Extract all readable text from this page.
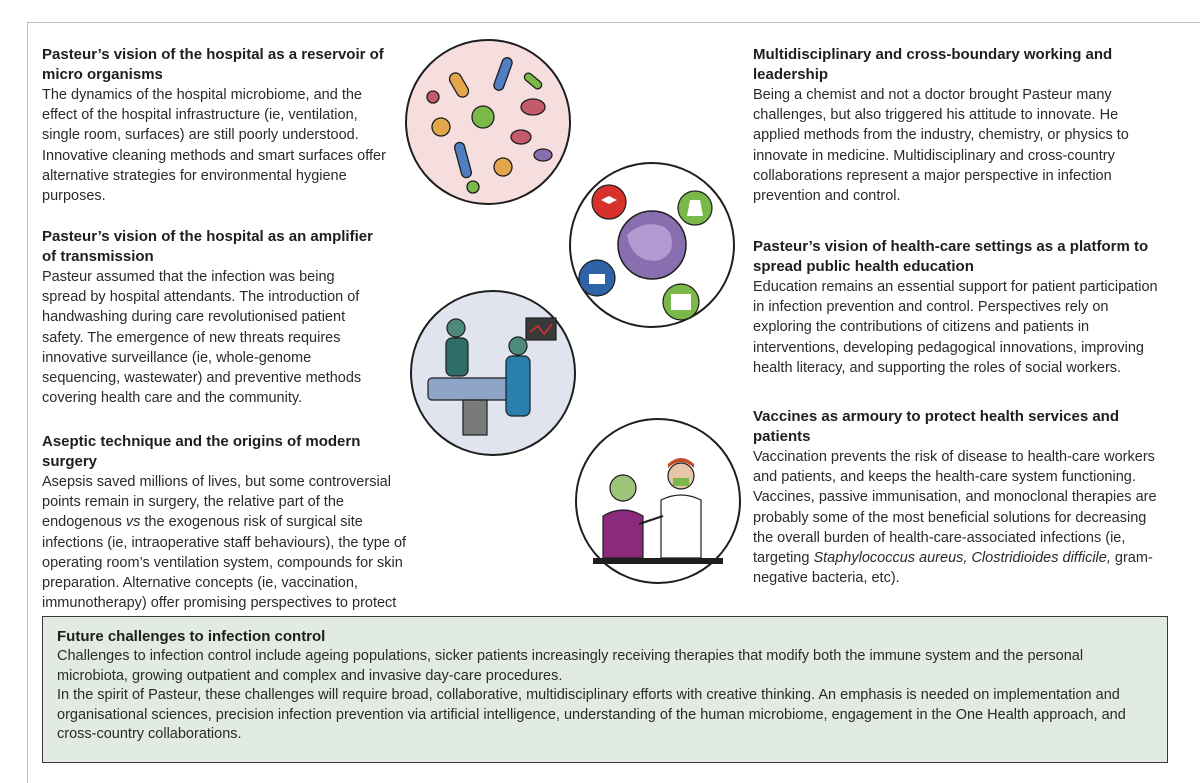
Pasteur’s vision of the hospital as a reservoir of
micro organisms

The dynamics of the hospital microbiome, and the effect of the hospital infrastructure (ie, ventilation, single room, surfaces) are still poorly understood. Innovative cleaning methods and smart surfaces offer alternative strategies for environmental hygiene purposes.

Pasteur’s vision of the hospital as an amplifier
of transmission

Pasteur assumed that the infection was being spread by hospital attendants. The introduction of handwashing during care revolutionised patient safety. The emergence of new threats requires innovative surveillance (ie, whole-genome sequencing, wastewater) and preventive methods covering health care and the community.

Aseptic technique and the origins of modern surgery

Asepsis saved millions of lives, but some controversial points remain in surgery, the relative part of the endogenous vs the exogenous risk of surgical site infections (ie, intraoperative staff behaviours), the type of operating room’s ventilation system, compounds for skin preparation. Alternative concepts (ie, vaccination, immunotherapy) offer promising perspectives to protect

Multidisciplinary and cross-boundary working and
leadership

Being a chemist and not a doctor brought Pasteur many challenges, but also triggered his attitude to innovate. He applied methods from the industry, chemistry, or physics to innovate in medicine. Multidisciplinary and cross-country collaborations represent a major perspective in infection prevention and control.

Pasteur’s vision of health-care settings as a platform to
spread public health education

Education remains an essential support for patient participation in infection prevention and control. Perspectives rely on exploring the contributions of citizens and patients in interventions, developing pedagogical innovations, improving health literacy, and supporting the roles of social workers.

Vaccines as armoury to protect health services and patients

Vaccination prevents the risk of disease to health-care workers and patients, and keeps the health-care system functioning. Vaccines, passive immunisation, and monoclonal therapies are probably some of the most beneficial solutions for decreasing the overall burden of health-care-associated infections (ie, targeting Staphylococcus aureus, Clostridioides difficile, gram-negative bacteria, etc).

Future challenges to infection control

Challenges to infection control include ageing populations, sicker patients increasingly receiving therapies that modify both the immune system and the personal microbiota, growing outpatient and complex and invasive day-care procedures.

In the spirit of Pasteur, these challenges will require broad, collaborative, multidisciplinary efforts with creative thinking. An emphasis is needed on implementation and organisational sciences, precision infection prevention via artificial intelligence, understanding of the human microbiome, engagement in the One Health approach, and cross-country collaborations.
